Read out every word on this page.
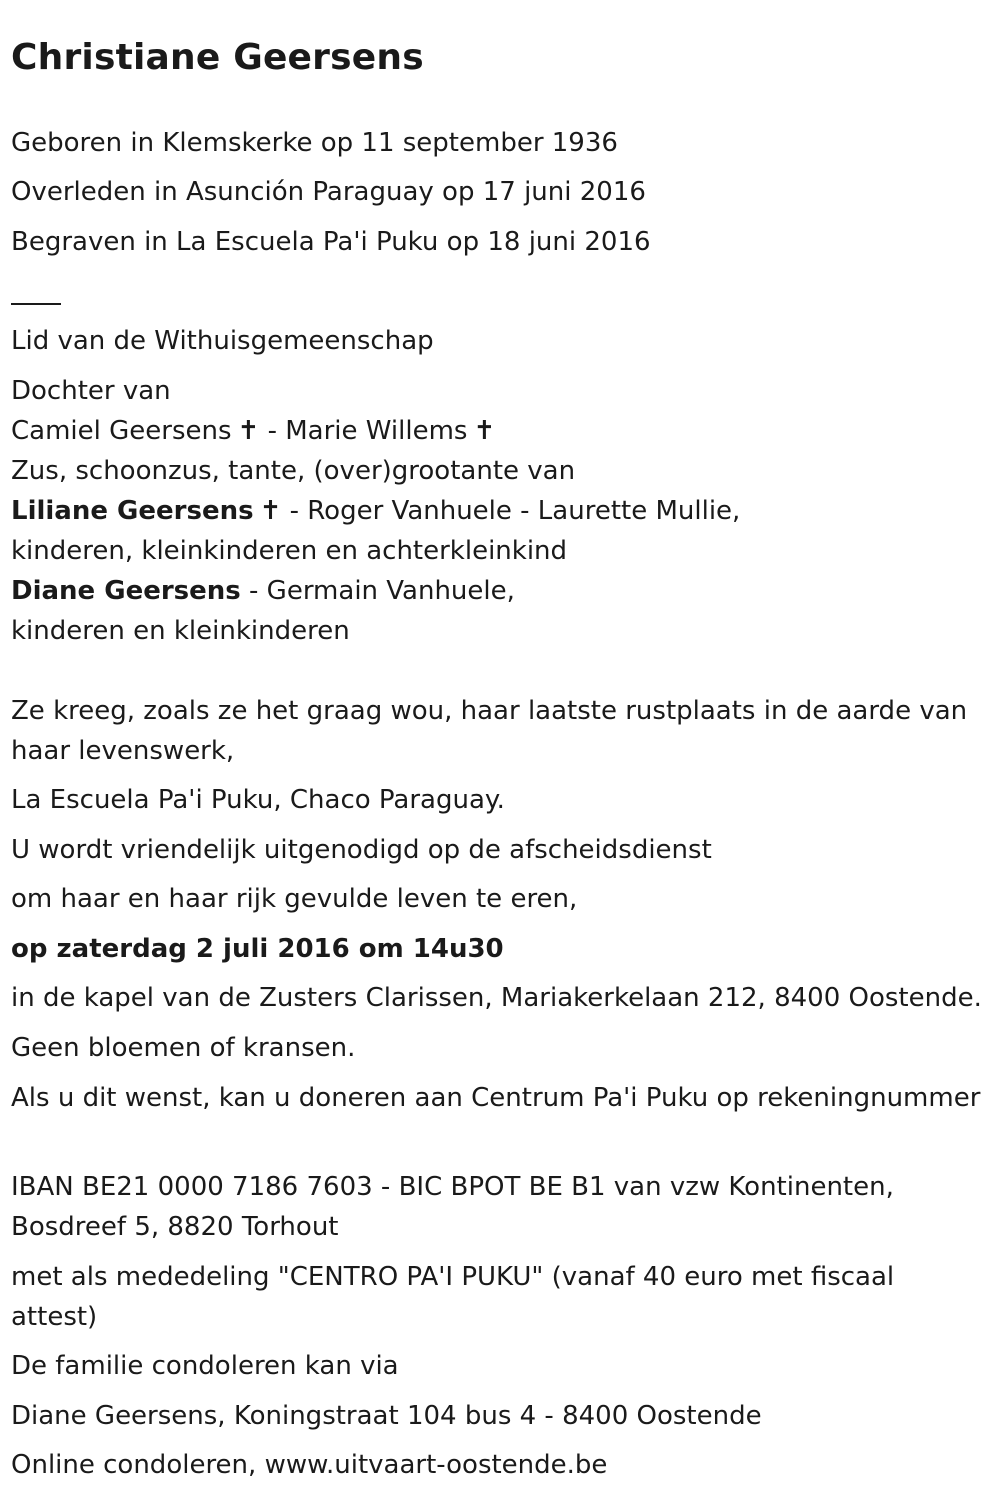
Christiane Geersens
Geboren in Klemskerke op 11 september 1936
Overleden in Asunción Paraguay op 17 juni 2016
Begraven in La Escuela Pa'i Puku op 18 juni 2016
Lid van de Withuisgemeenschap
Dochter van
Camiel Geersens ✝ - Marie Willems ✝
Zus, schoonzus, tante, (over)grootante van
Liliane Geersens ✝ - Roger Vanhuele - Laurette Mullie,
kinderen, kleinkinderen en achterkleinkind
Diane Geersens - Germain Vanhuele,
kinderen en kleinkinderen
Ze kreeg, zoals ze het graag wou, haar laatste rustplaats in de aarde van haar levenswerk,
La Escuela Pa'i Puku, Chaco Paraguay.
U wordt vriendelijk uitgenodigd op de afscheidsdienst
om haar en haar rijk gevulde leven te eren,
op zaterdag 2 juli 2016 om 14u30
in de kapel van de Zusters Clarissen, Mariakerkelaan 212, 8400 Oostende.
Geen bloemen of kransen.
Als u dit wenst, kan u doneren aan Centrum Pa'i Puku op rekeningnummer
IBAN BE21 0000 7186 7603 - BIC BPOT BE B1 van vzw Kontinenten, Bosdreef 5, 8820 Torhout
met als mededeling "CENTRO PA'I PUKU" (vanaf 40 euro met fiscaal attest)
De familie condoleren kan via
Diane Geersens, Koningstraat 104 bus 4 - 8400 Oostende
Online condoleren, www.uitvaart-oostende.be
